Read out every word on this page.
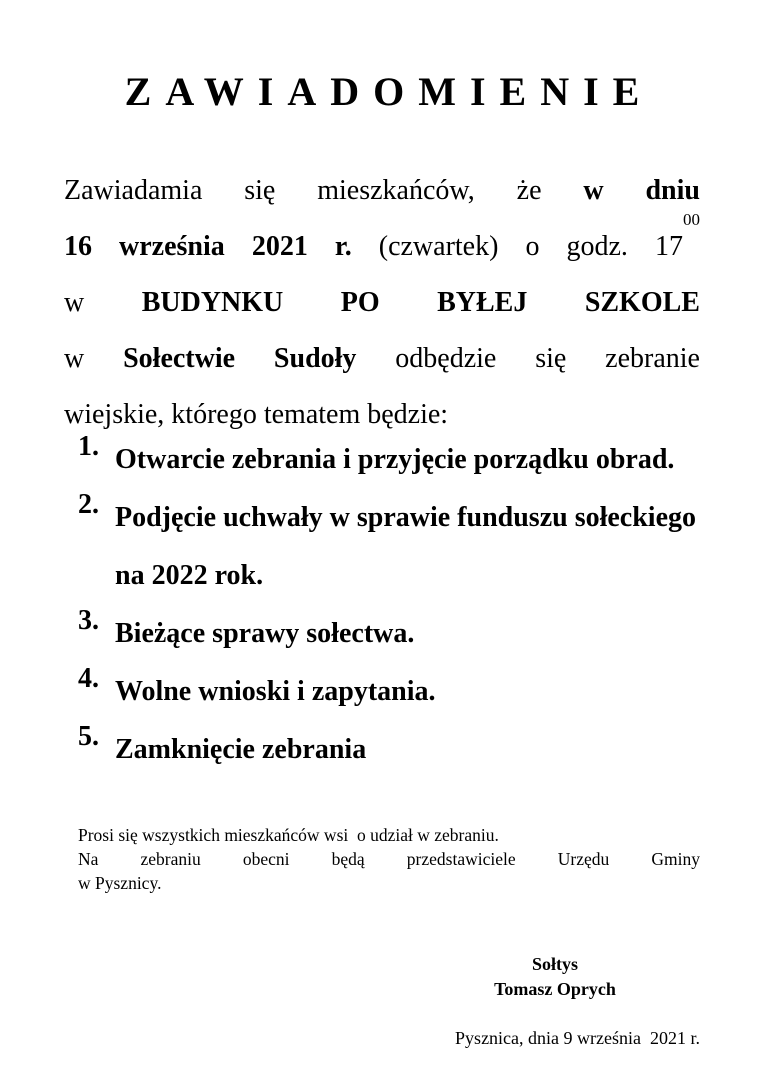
ZAWIADOMIENIE
Zawiadamia się mieszkańców, że w dniu
16 września 2021 r. (czwartek) o godz. $17^{00}$
w BUDYNKU PO BYŁEJ SZKOLE
w Sołectwie Sudoły odbędzie się zebranie
wiejskie, którego tematem będzie:
1. Otwarcie zebrania i przyjęcie porządku obrad.
2. Podjęcie uchwały w sprawie funduszu sołeckiego na 2022 rok.
3. Bieżące sprawy sołectwa.
4. Wolne wnioski i zapytania.
5. Zamknięcie zebrania
Prosi się wszystkich mieszkańców wsi  o udział w zebraniu.
Na zebraniu obecni będą przedstawiciele Urzędu Gminy
w Pysznicy.
Sołtys
Tomasz Oprych
Pysznica, dnia 9 września  2021 r.
